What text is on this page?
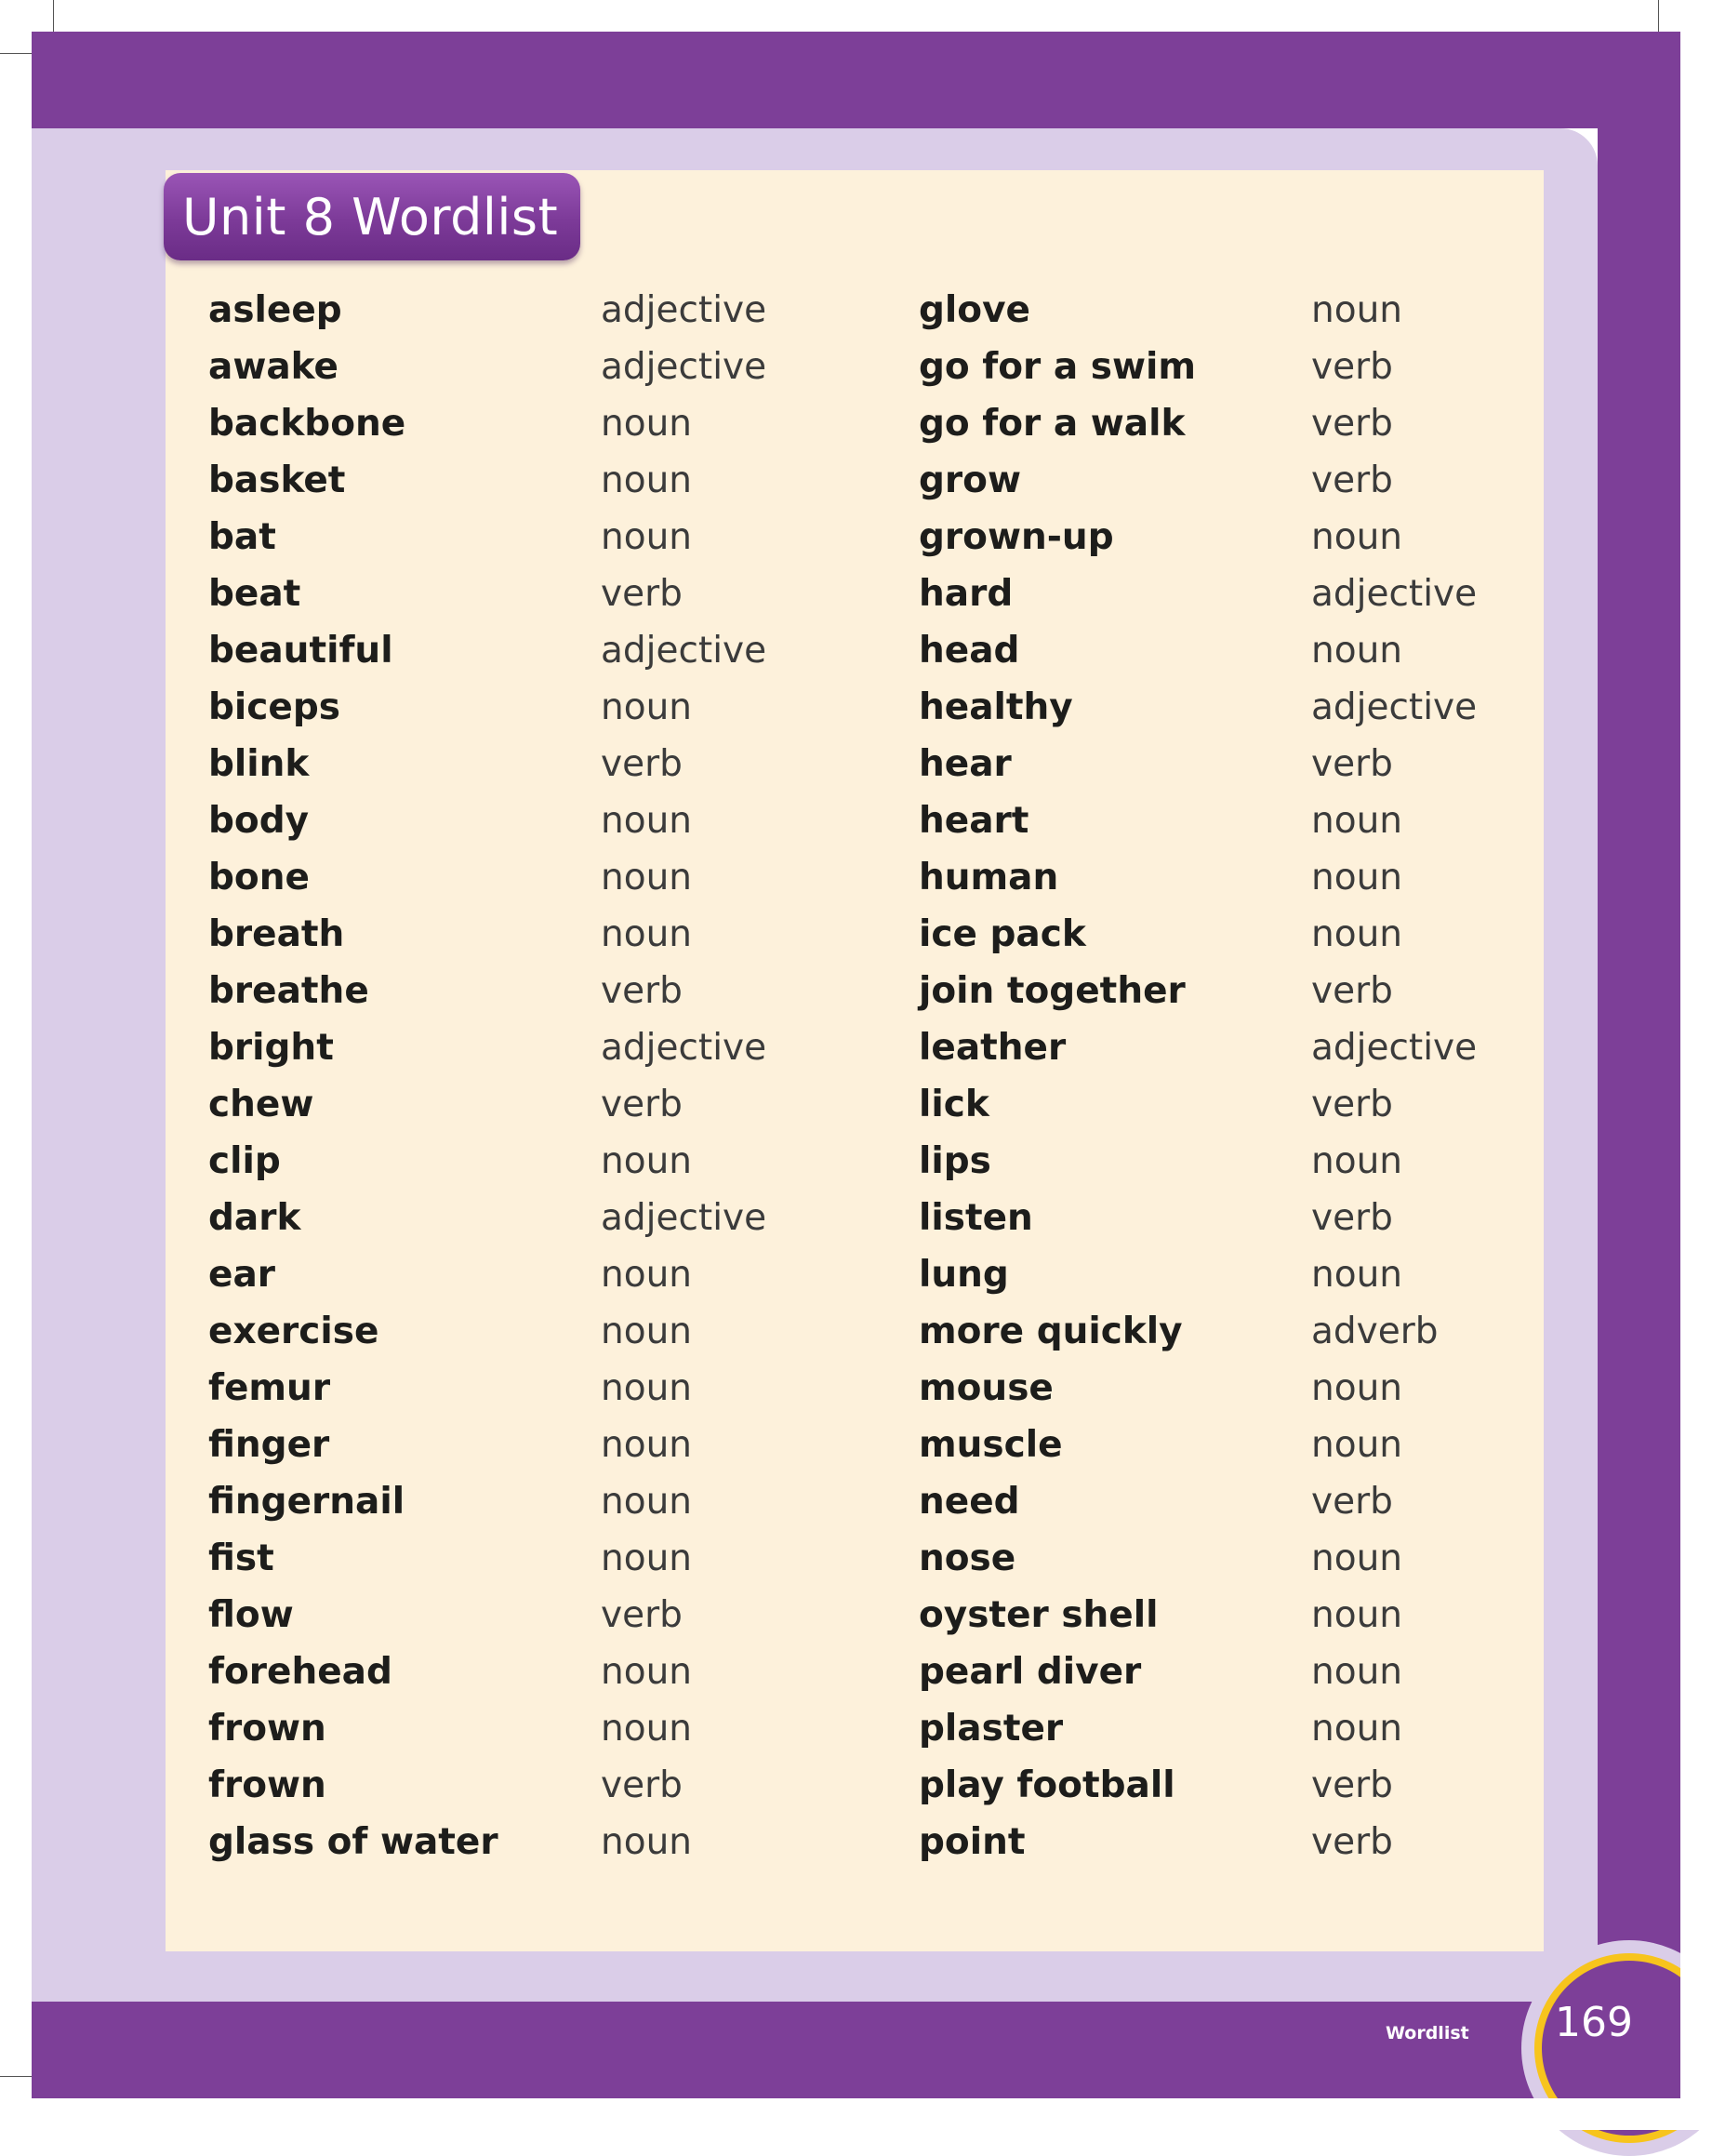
Unit 8 Wordlist
asleep	adjective
awake	adjective
backbone	noun
basket	noun
bat	noun
beat	verb
beautiful	adjective
biceps	noun
blink	verb
body	noun
bone	noun
breath	noun
breathe	verb
bright	adjective
chew	verb
clip	noun
dark	adjective
ear	noun
exercise	noun
femur	noun
finger	noun
fingernail	noun
fist	noun
flow	verb
forehead	noun
frown	noun
frown	verb
glass of water	noun
glove	noun
go for a swim	verb
go for a walk	verb
grow	verb
grown-up	noun
hard	adjective
head	noun
healthy	adjective
hear	verb
heart	noun
human	noun
ice pack	noun
join together	verb
leather	adjective
lick	verb
lips	noun
listen	verb
lung	noun
more quickly	adverb
mouse	noun
muscle	noun
need	verb
nose	noun
oyster shell	noun
pearl diver	noun
plaster	noun
play football	verb
point	verb
Wordlist 169
